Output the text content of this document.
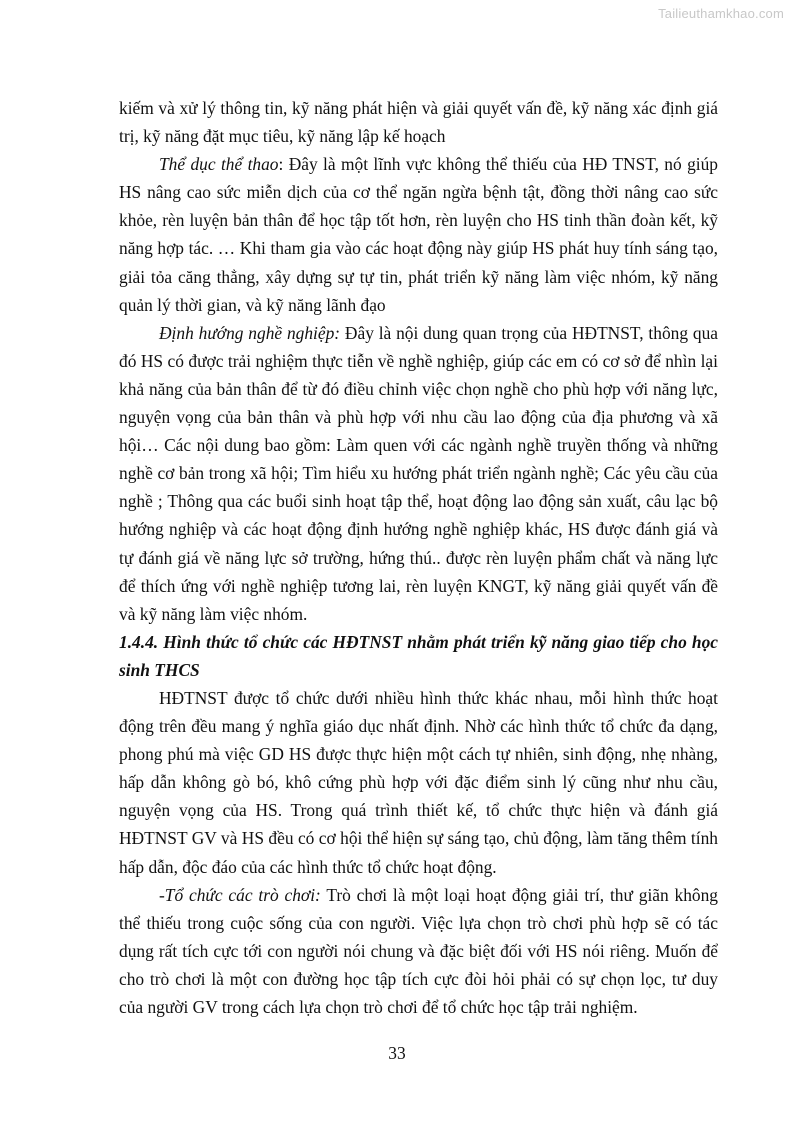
Tailieuthamkhao.com

kiếm và xử lý thông tin, kỹ năng phát hiện và giải quyết vấn đề, kỹ năng xác định giá trị, kỹ năng đặt mục tiêu, kỹ năng lập kế hoạch

Thể dục thể thao: Đây là một lĩnh vực không thể thiếu của HĐ TNST, nó giúp HS nâng cao sức miễn dịch của cơ thể ngăn ngừa bệnh tật, đồng thời nâng cao sức khỏe, rèn luyện bản thân để học tập tốt hơn, rèn luyện cho HS tinh thần đoàn kết, kỹ năng hợp tác. … Khi tham gia vào các hoạt động này giúp HS phát huy tính sáng tạo, giải tỏa căng thẳng, xây dựng sự tự tin, phát triển kỹ năng làm việc nhóm, kỹ năng quản lý thời gian, và kỹ năng lãnh đạo

Định hướng nghề nghiệp: Đây là nội dung quan trọng của HĐTNST, thông qua đó HS có được trải nghiệm thực tiễn về nghề nghiệp, giúp các em có cơ sở để nhìn lại khả năng của bản thân để từ đó điều chỉnh việc chọn nghề cho phù hợp với năng lực, nguyện vọng của bản thân và phù hợp với nhu cầu lao động của địa phương và xã hội… Các nội dung bao gồm: Làm quen với các ngành nghề truyền thống và những nghề cơ bản trong xã hội; Tìm hiểu xu hướng phát triển ngành nghề; Các yêu cầu của nghề ; Thông qua các buổi sinh hoạt tập thể, hoạt động lao động sản xuất, câu lạc bộ hướng nghiệp và các hoạt động định hướng nghề nghiệp khác, HS được đánh giá và tự đánh giá về năng lực sở trường, hứng thú.. được rèn luyện phẩm chất và năng lực để thích ứng với nghề nghiệp tương lai, rèn luyện KNGT, kỹ năng giải quyết vấn đề và kỹ năng làm việc nhóm.

1.4.4. Hình thức tổ chức các HĐTNST nhằm phát triển kỹ năng giao tiếp cho học sinh THCS

HĐTNST được tổ chức dưới nhiều hình thức khác nhau, mỗi hình thức hoạt động trên đều mang ý nghĩa giáo dục nhất định. Nhờ các hình thức tổ chức đa dạng, phong phú mà việc GD HS được thực hiện một cách tự nhiên, sinh động, nhẹ nhàng, hấp dẫn không gò bó, khô cứng phù hợp với đặc điểm sinh lý cũng như nhu cầu, nguyện vọng của HS. Trong quá trình thiết kế, tổ chức thực hiện và đánh giá HĐTNST GV và HS đều có cơ hội thể hiện sự sáng tạo, chủ động, làm tăng thêm tính hấp dẫn, độc đáo của các hình thức tổ chức hoạt động.

-Tổ chức các trò chơi: Trò chơi là một loại hoạt động giải trí, thư giãn không thể thiếu trong cuộc sống của con người. Việc lựa chọn trò chơi phù hợp sẽ có tác dụng rất tích cực tới con người nói chung và đặc biệt đối với HS nói riêng. Muốn để cho trò chơi là một con đường học tập tích cực đòi hỏi phải có sự chọn lọc, tư duy của người GV trong cách lựa chọn trò chơi để tổ chức học tập trải nghiệm.

33
